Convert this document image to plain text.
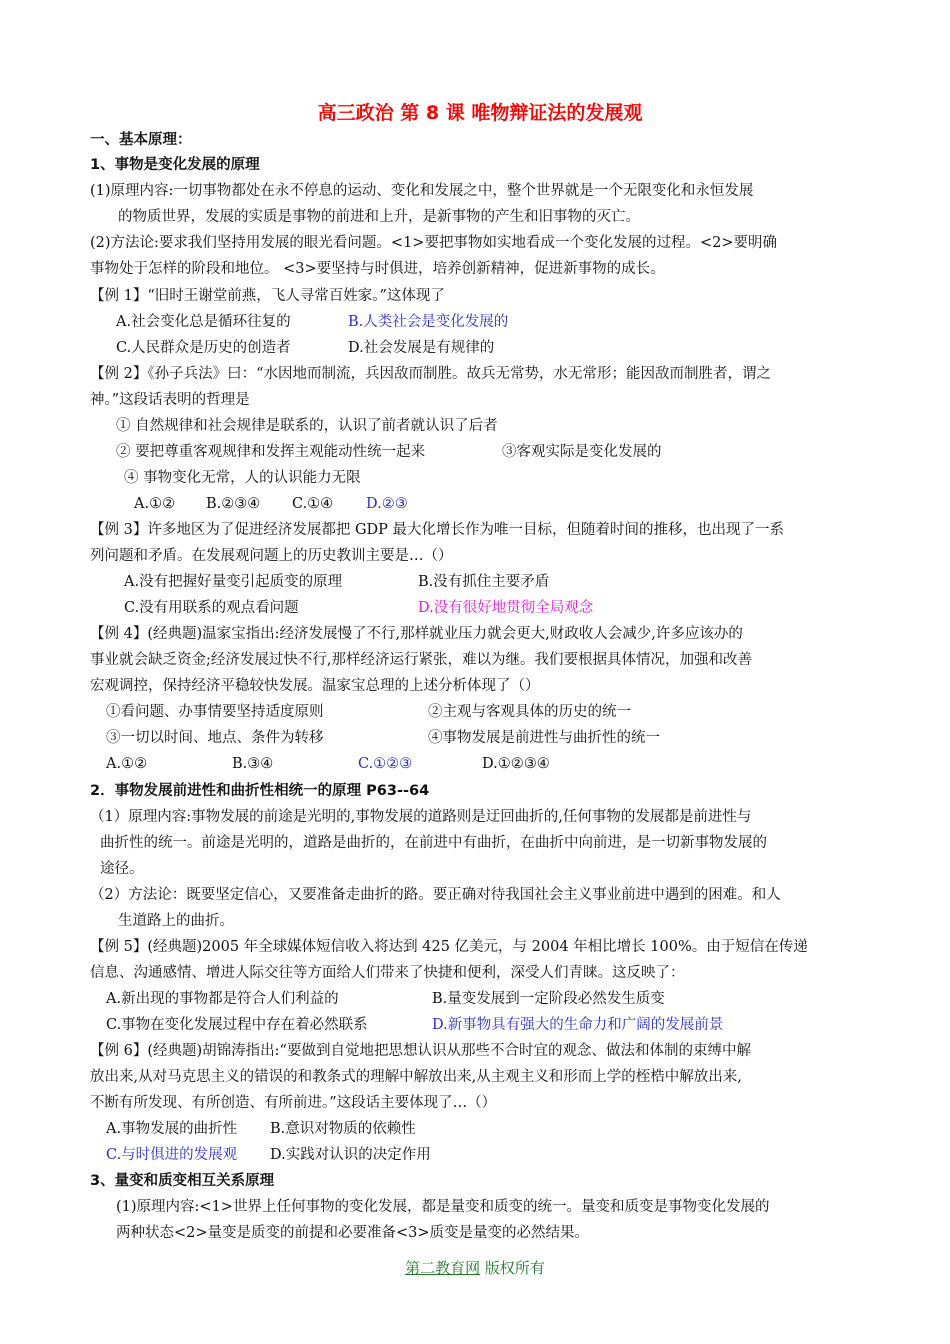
高三政治 第 8 课 唯物辩证法的发展观
一、基本原理：
1、事物是变化发展的原理
(1)原理内容:一切事物都处在永不停息的运动、变化和发展之中，整个世界就是一个无限变化和永恒发展
的物质世界，发展的实质是事物的前进和上升，是新事物的产生和旧事物的灭亡。
(2)方法论:要求我们坚持用发展的眼光看问题。<1>要把事物如实地看成一个变化发展的过程。<2>要明确
事物处于怎样的阶段和地位。 <3>要坚持与时俱进，培养创新精神，促进新事物的成长。
【例 1】“旧时王谢堂前燕，飞人寻常百姓家。”这体现了
A.社会变化总是循环往复的	B.人类社会是变化发展的
C.人民群众是历史的创造者	D.社会发展是有规律的
【例 2】《孙子兵法》曰：“水因地而制流，兵因敌而制胜。故兵无常势，水无常形；能因敌而制胜者，谓之
神。”这段话表明的哲理是
① 自然规律和社会规律是联系的，认识了前者就认识了后者
② 要把尊重客观规律和发挥主观能动性统一起来	③客观实际是变化发展的
④ 事物变化无常，人的认识能力无限
A.①② B.②③④ C.①④ D.②③
【例 3】许多地区为了促进经济发展都把 GDP 最大化增长作为唯一目标，但随着时间的推移，也出现了一系
列问题和矛盾。在发展观问题上的历史教训主要是…（）
A.没有把握好量变引起质变的原理	B.没有抓住主要矛盾
C.没有用联系的观点看问题	D.没有很好地贯彻全局观念
【例 4】(经典题)温家宝指出:经济发展慢了不行,那样就业压力就会更大,财政收人会减少,许多应该办的
事业就会缺乏资金;经济发展过快不行,那样经济运行紧张，难以为继。我们要根据具体情况，加强和改善
宏观调控，保持经济平稳较快发展。温家宝总理的上述分析体现了（）
①看问题、办事情要坚持适度原则	②主观与客观具体的历史的统一
③一切以时间、地点、条件为转移	④事物发展是前进性与曲折性的统一
A.①②	B.③④	C.①②③	D.①②③④
2．事物发展前进性和曲折性相统一的原理 P63--64
（1）原理内容:事物发展的前途是光明的,事物发展的道路则是迂回曲折的,任何事物的发展都是前进性与
曲折性的统一。前途是光明的，道路是曲折的，在前进中有曲折，在曲折中向前进，是一切新事物发展的
途径。
（2）方法论：既要坚定信心，又要准备走曲折的路。要正确对待我国社会主义事业前进中遇到的困难。和人
生道路上的曲折。
【例 5】(经典题)2005 年全球媒体短信收入将达到 425 亿美元，与 2004 年相比增长 100%。由于短信在传递
信息、沟通感情、增进人际交往等方面给人们带来了快捷和便利，深受人们青睐。这反映了：
A.新出现的事物都是符合人们利益的	B.量变发展到一定阶段必然发生质变
C.事物在变化发展过程中存在着必然联系	D.新事物具有强大的生命力和广阔的发展前景
【例 6】(经典题)胡锦涛指出:“要做到自觉地把思想认识从那些不合时宜的观念、做法和体制的束缚中解
放出来,从对马克思主义的错误的和教条式的理解中解放出来,从主观主义和形而上学的桎梏中解放出来,
不断有所发现、有所创造、有所前进。”这段话主要体现了…（）
A.事物发展的曲折性 B.意识对物质的依赖性
C.与时俱进的发展观 D.实践对认识的决定作用
3、量变和质变相互关系原理
(1)原理内容:<1>世界上任何事物的变化发展，都是量变和质变的统一。量变和质变是事物变化发展的
两种状态<2>量变是质变的前提和必要准备<3>质变是量变的必然结果。
第二教育网 版权所有
